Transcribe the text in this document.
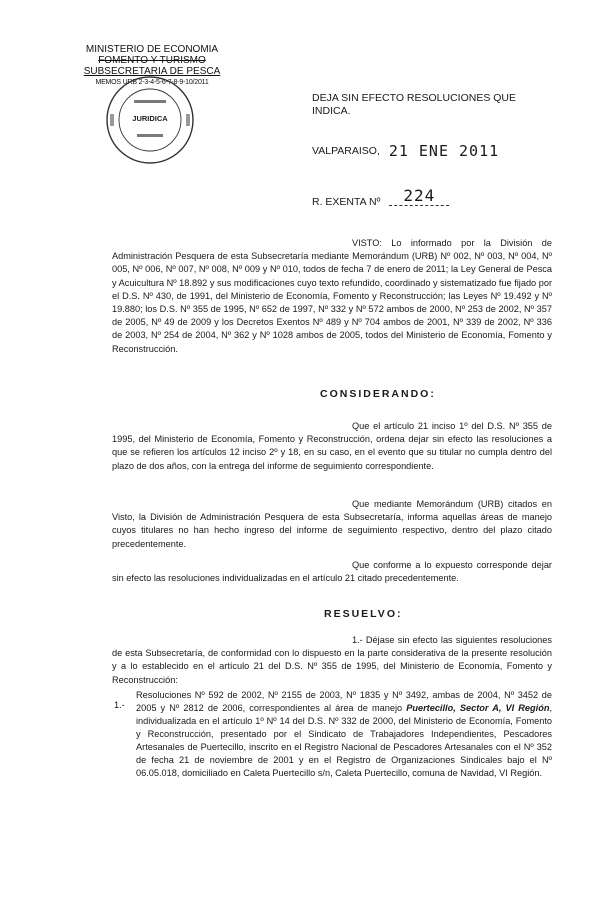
MINISTERIO DE ECONOMIA
FOMENTO Y TURISMO
SUBSECRETARIA DE PESCA
MEMOS URB 2-3-4-5-6-7-8-9-10/2011
JURIDICA
DEJA SIN EFECTO RESOLUCIONES QUE
INDICA.
VALPARAISO, 21 ENE 2011
R. EXENTA Nº 224
VISTO: Lo informado por la División de Administración Pesquera de esta Subsecretaría mediante Memorándum (URB) Nº 002, Nº 003, Nº 004, Nº 005, Nº 006, Nº 007, Nº 008, Nº 009 y Nº 010, todos de fecha 7 de enero de 2011; la Ley General de Pesca y Acuicultura Nº 18.892 y sus modificaciones cuyo texto refundido, coordinado y sistematizado fue fijado por el D.S. Nº 430, de 1991, del Ministerio de Economía, Fomento y Reconstrucción; las Leyes Nº 19.492 y Nº 19.880; los D.S. Nº 355 de 1995, Nº 652 de 1997, Nº 332 y Nº 572 ambos de 2000, Nº 253 de 2002, Nº 357 de 2005, Nº 49 de 2009 y los Decretos Exentos Nº 489 y Nº 704 ambos de 2001, Nº 339 de 2002, Nº 336 de 2003, Nº 254 de 2004, Nº 362 y Nº 1028 ambos de 2005, todos del Ministerio de Economía, Fomento y Reconstrucción.
CONSIDERANDO:
Que el artículo 21 inciso 1º del D.S. Nº 355 de 1995, del Ministerio de Economía, Fomento y Reconstrucción, ordena dejar sin efecto las resoluciones a que se refieren los artículos 12 inciso 2º y 18, en su caso, en el evento que su titular no cumpla dentro del plazo de dos años, con la entrega del informe de seguimiento correspondiente.
Que mediante Memorándum (URB) citados en Visto, la División de Administración Pesquera de esta Subsecretaría, informa aquellas áreas de manejo cuyos titulares no han hecho ingreso del informe de seguimiento respectivo, dentro del plazo citado precedentemente.
Que conforme a lo expuesto corresponde dejar sin efecto las resoluciones individualizadas en el artículo 21 citado precedentemente.
RESUELVO:
1.- Déjase sin efecto las siguientes resoluciones de esta Subsecretaría, de conformidad con lo dispuesto en la parte considerativa de la presente resolución y a lo establecido en el artículo 21 del D.S. Nº 355 de 1995, del Ministerio de Economía, Fomento y Reconstrucción:
1.-
Resoluciones Nº 592 de 2002, Nº 2155 de 2003, Nº 1835 y Nº 3492, ambas de 2004, Nº 3452 de 2005 y Nº 2812 de 2006, correspondientes al área de manejo Puertecillo, Sector A, VI Región, individualizada en el artículo 1º Nº 14 del D.S. Nº 332 de 2000, del Ministerio de Economía, Fomento y Reconstrucción, presentado por el Sindicato de Trabajadores Independientes, Pescadores Artesanales de Puertecillo, inscrito en el Registro Nacional de Pescadores Artesanales con el Nº 352 de fecha 21 de noviembre de 2001 y en el Registro de Organizaciones Sindicales bajo el Nº 06.05.018, domiciliado en Caleta Puertecillo s/n, Caleta Puertecillo, comuna de Navidad, VI Región.
